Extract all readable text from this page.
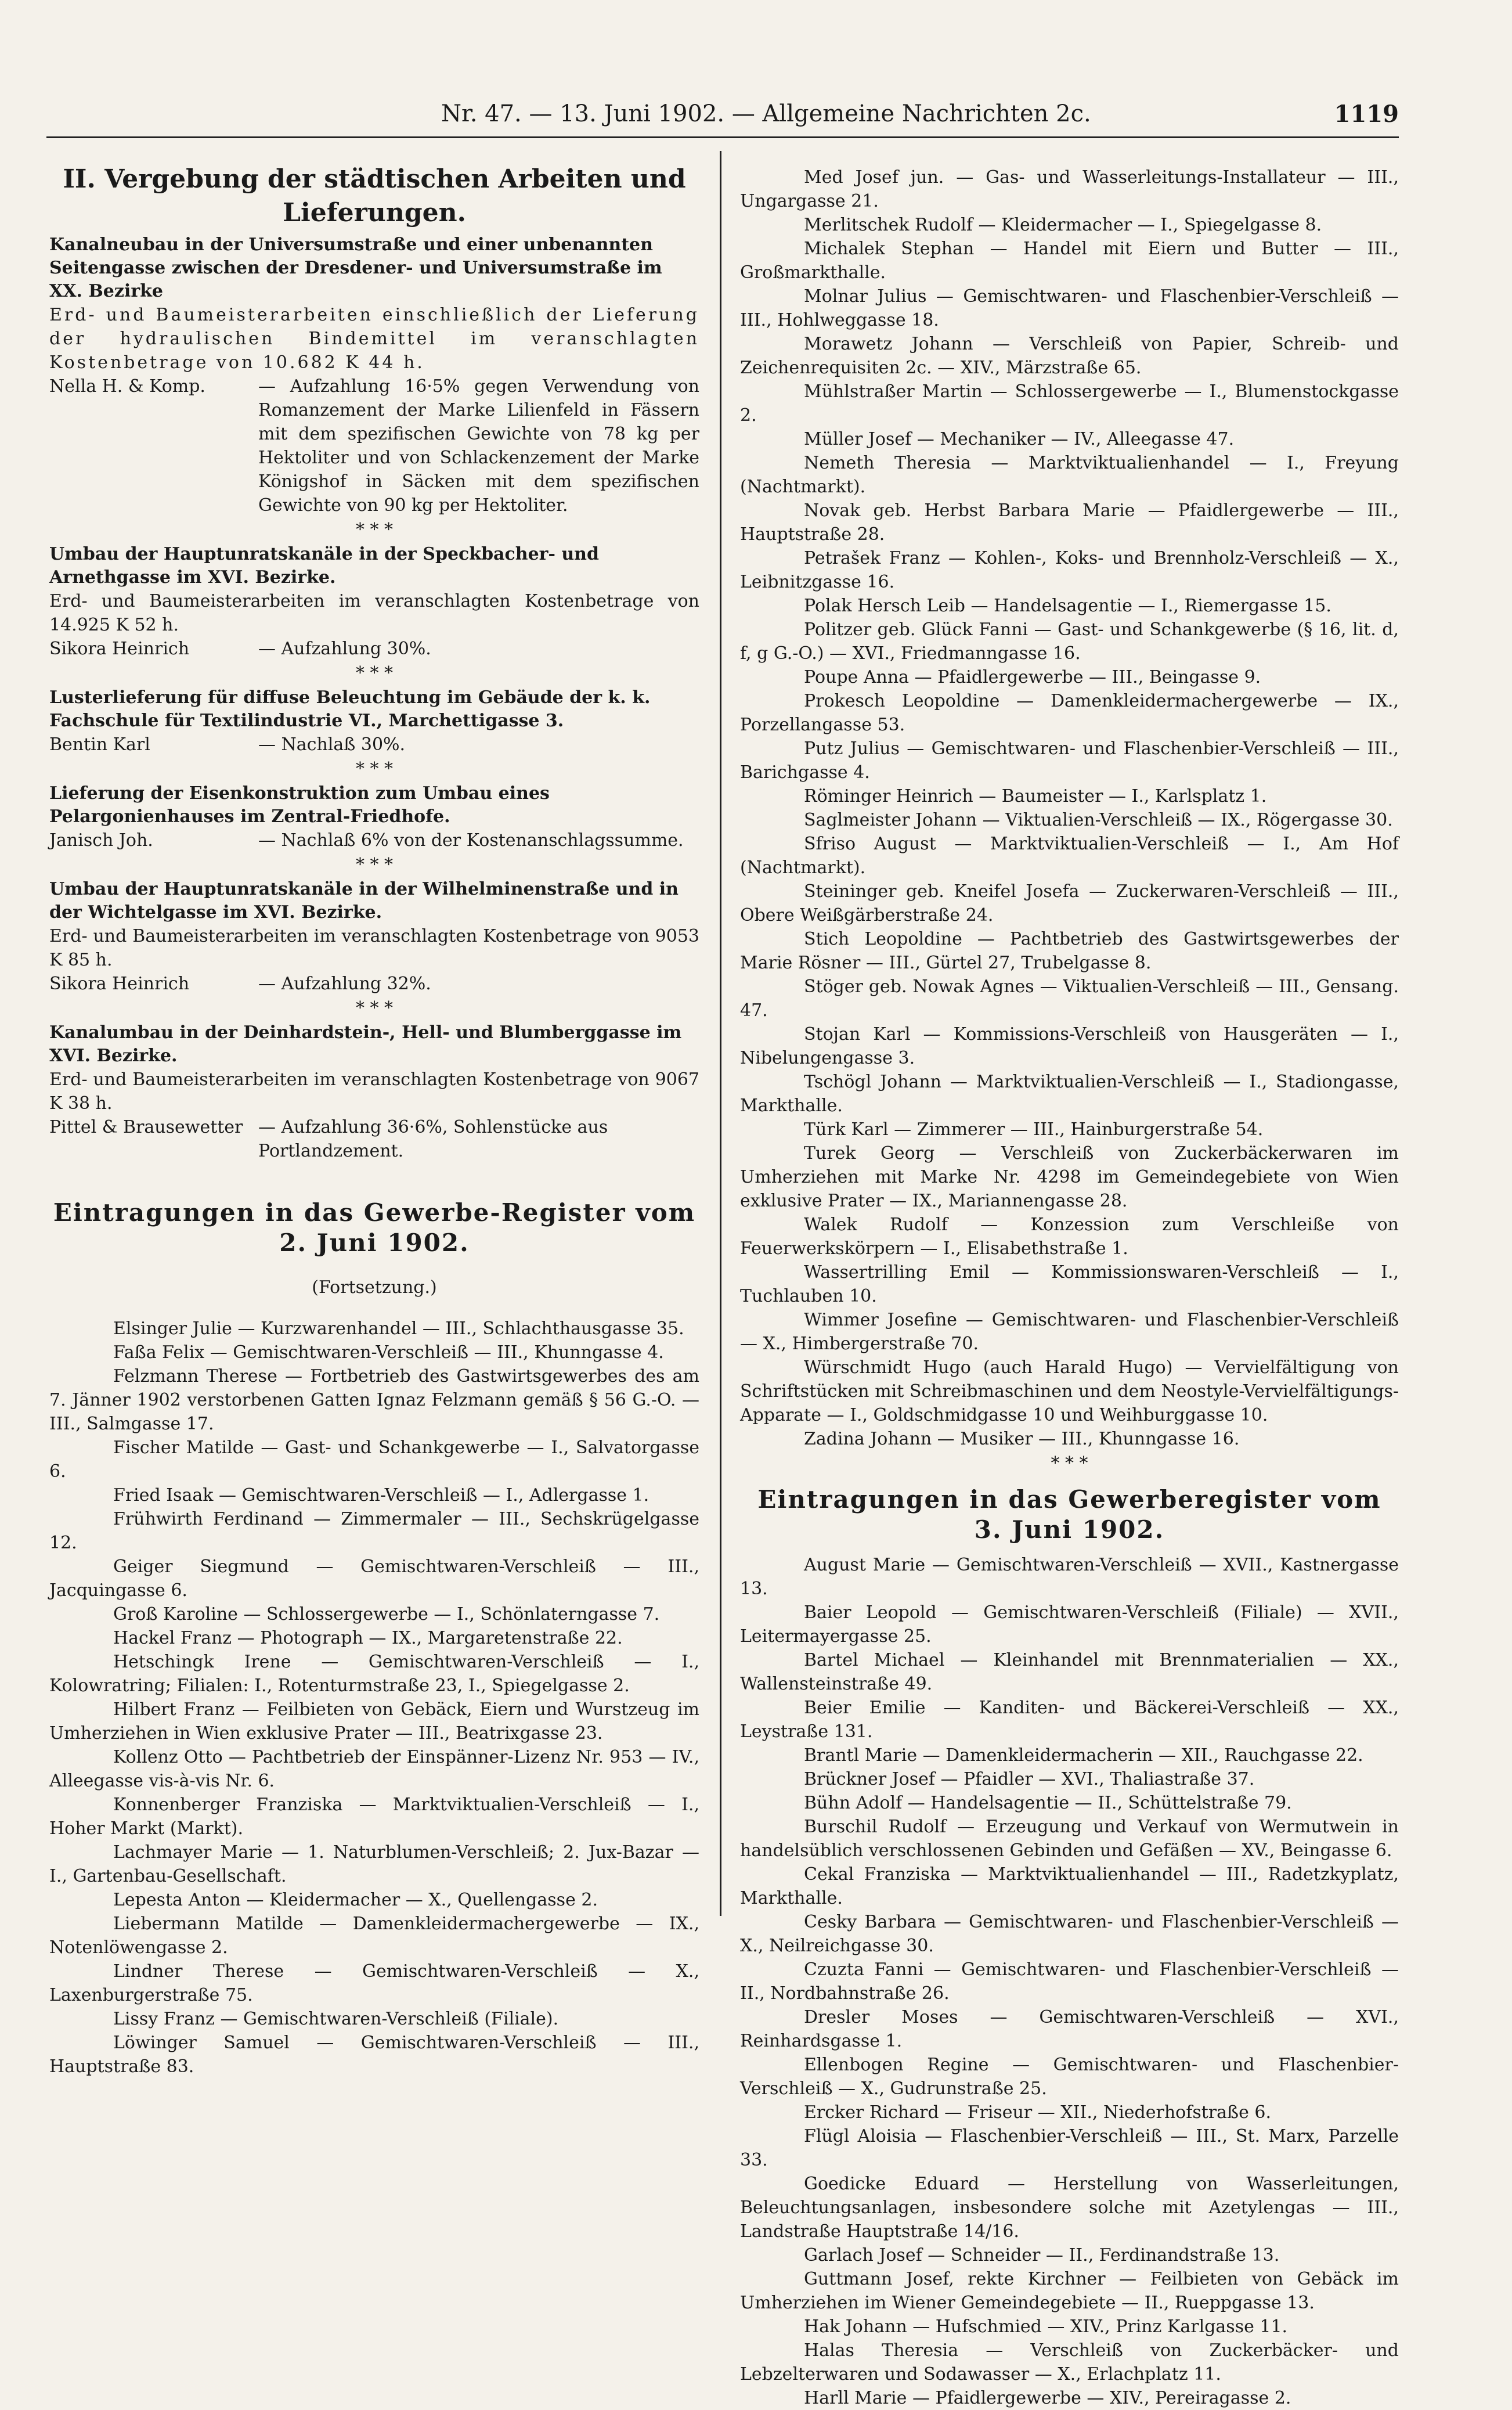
Nr. 47. — 13. Juni 1902. — Allgemeine Nachrichten 2c.	1119

II. Vergebung der städtischen Arbeiten und Lieferungen.

Kanalneubau in der Universumstraße und einer unbenannten Seitengasse zwischen der Dresdener- und Universumstraße im XX. Bezirke

Erd- und Baumeisterarbeiten einschließlich der Lieferung der hydraulischen Bindemittel im veranschlagten Kostenbetrage von 10.682 K 44 h.

Nella H. & Komp.	— Aufzahlung 16·5% gegen Verwendung von Romanzement der Marke Lilienfeld in Fässern mit dem spezifischen Gewichte von 78 kg per Hektoliter und von Schlackenzement der Marke Königshof in Säcken mit dem spezifischen Gewichte von 90 kg per Hektoliter.
* * *

Umbau der Hauptunratskanäle in der Speckbacher- und Arnethgasse im XVI. Bezirke.

Erd- und Baumeisterarbeiten im veranschlagten Kostenbetrage von 14.925 K 52 h.

Sikora Heinrich	— Aufzahlung 30%.
* * *

Lusterlieferung für diffuse Beleuchtung im Gebäude der k. k. Fachschule für Textilindustrie VI., Marchettigasse 3.

Bentin Karl	— Nachlaß 30%.
* * *

Lieferung der Eisenkonstruktion zum Umbau eines Pelargonienhauses im Zentral-Friedhofe.

Janisch Joh.	— Nachlaß 6% von der Kostenanschlagssumme.
* * *

Umbau der Hauptunratskanäle in der Wilhelminenstraße und in der Wichtelgasse im XVI. Bezirke.

Erd- und Baumeisterarbeiten im veranschlagten Kostenbetrage von 9053 K 85 h.

Sikora Heinrich	— Aufzahlung 32%.
* * *

Kanalumbau in der Deinhardstein-, Hell- und Blumberggasse im XVI. Bezirke.

Erd- und Baumeisterarbeiten im veranschlagten Kostenbetrage von 9067 K 38 h.

Pittel & Brausewetter — Aufzahlung 36·6%, Sohlenstücke aus Portlandzement.

Eintragungen in das Gewerbe-Register vom 2. Juni 1902.

(Fortsetzung.)

Elsinger Julie — Kurzwarenhandel — III., Schlachthausgasse 35.

Faßa Felix — Gemischtwaren-Verschleiß — III., Khunngasse 4.

Felzmann Therese — Fortbetrieb des Gastwirtsgewerbes des am 7. Jänner 1902 verstorbenen Gatten Ignaz Felzmann gemäß § 56 G.-O. — III., Salmgasse 17.

Fischer Matilde — Gast- und Schankgewerbe — I., Salvatorgasse 6.

Fried Isaak — Gemischtwaren-Verschleiß — I., Adlergasse 1.

Frühwirth Ferdinand — Zimmermaler — III., Sechskrügelgasse 12.

Geiger Siegmund — Gemischtwaren-Verschleiß — III., Jacquingasse 6.

Groß Karoline — Schlossergewerbe — I., Schönlaterngasse 7.

Hackel Franz — Photograph — IX., Margaretenstraße 22.

Hetschingk Irene — Gemischtwaren-Verschleiß — I., Kolowratring; Filialen: I., Rotenturmstraße 23, I., Spiegelgasse 2.

Hilbert Franz — Feilbieten von Gebäck, Eiern und Wurstzeug im Umherziehen in Wien exklusive Prater — III., Beatrixgasse 23.

Kollenz Otto — Pachtbetrieb der Einspänner-Lizenz Nr. 953 — IV., Alleegasse vis-à-vis Nr. 6.

Konnenberger Franziska — Marktviktualien-Verschleiß — I., Hoher Markt (Markt).

Lachmayer Marie — 1. Naturblumen-Verschleiß; 2. Jux-Bazar — I., Gartenbau-Gesellschaft.

Lepesta Anton — Kleidermacher — X., Quellengasse 2.

Liebermann Matilde — Damenkleidermachergewerbe — IX., Notenlöwengasse 2.

Lindner Therese — Gemischtwaren-Verschleiß — X., Laxenburgerstraße 75.

Lissy Franz — Gemischtwaren-Verschleiß (Filiale).

Löwinger Samuel — Gemischtwaren-Verschleiß — III., Hauptstraße 83.

Med Josef jun. — Gas- und Wasserleitungs-Installateur — III., Ungargasse 21.

Merlitschek Rudolf — Kleidermacher — I., Spiegelgasse 8.

Michalek Stephan — Handel mit Eiern und Butter — III., Großmarkthalle.

Molnar Julius — Gemischtwaren- und Flaschenbier-Verschleiß — III., Hohlweggasse 18.

Morawetz Johann — Verschleiß von Papier, Schreib- und Zeichenrequisiten 2c. — XIV., Märzstraße 65.

Mühlstraßer Martin — Schlossergewerbe — I., Blumenstockgasse 2.

Müller Josef — Mechaniker — IV., Alleegasse 47.

Nemeth Theresia — Marktviktualienhandel — I., Freyung (Nachtmarkt).

Novak geb. Herbst Barbara Marie — Pfaidlergewerbe — III., Hauptstraße 28.

Petrašek Franz — Kohlen-, Koks- und Brennholz-Verschleiß — X., Leibnitzgasse 16.

Polak Hersch Leib — Handelsagentie — I., Riemergasse 15.

Politzer geb. Glück Fanni — Gast- und Schankgewerbe (§ 16, lit. d, f, g G.-O.) — XVI., Friedmanngasse 16.

Poupe Anna — Pfaidlergewerbe — III., Beingasse 9.

Prokesch Leopoldine — Damenkleidermachergewerbe — IX., Porzellangasse 53.

Putz Julius — Gemischtwaren- und Flaschenbier-Verschleiß — III., Barichgasse 4.

Röminger Heinrich — Baumeister — I., Karlsplatz 1.

Saglmeister Johann — Viktualien-Verschleiß — IX., Rögergasse 30.

Sfriso August — Marktviktualien-Verschleiß — I., Am Hof (Nachtmarkt).

Steininger geb. Kneifel Josefa — Zuckerwaren-Verschleiß — III., Obere Weißgärberstraße 24.

Stich Leopoldine — Pachtbetrieb des Gastwirtsgewerbes der Marie Rösner — III., Gürtel 27, Trubelgasse 8.

Stöger geb. Nowak Agnes — Viktualien-Verschleiß — III., Gensang. 47.

Stojan Karl — Kommissions-Verschleiß von Hausgeräten — I., Nibelungengasse 3.

Tschögl Johann — Marktviktualien-Verschleiß — I., Stadiongasse, Markthalle.

Türk Karl — Zimmerer — III., Hainburgerstraße 54.

Turek Georg — Verschleiß von Zuckerbäckerwaren im Umherziehen mit Marke Nr. 4298 im Gemeindegebiete von Wien exklusive Prater — IX., Mariannengasse 28.

Walek Rudolf — Konzession zum Verschleiße von Feuerwerkskörpern — I., Elisabethstraße 1.

Wassertrilling Emil — Kommissionswaren-Verschleiß — I., Tuchlauben 10.

Wimmer Josefine — Gemischtwaren- und Flaschenbier-Verschleiß — X., Himbergerstraße 70.

Würschmidt Hugo (auch Harald Hugo) — Vervielfältigung von Schriftstücken mit Schreibmaschinen und dem Neostyle-Vervielfältigungs-Apparate — I., Goldschmidgasse 10 und Weihburggasse 10.

Zadina Johann — Musiker — III., Khunngasse 16.

* * *

Eintragungen in das Gewerberegister vom 3. Juni 1902.

August Marie — Gemischtwaren-Verschleiß — XVII., Kastnergasse 13.

Baier Leopold — Gemischtwaren-Verschleiß (Filiale) — XVII., Leitermayergasse 25.

Bartel Michael — Kleinhandel mit Brennmaterialien — XX., Wallensteinstraße 49.

Beier Emilie — Kanditen- und Bäckerei-Verschleiß — XX., Leystraße 131.

Brantl Marie — Damenkleidermacherin — XII., Rauchgasse 22.

Brückner Josef — Pfaidler — XVI., Thaliastraße 37.

Bühn Adolf — Handelsagentie — II., Schüttelstraße 79.

Burschil Rudolf — Erzeugung und Verkauf von Wermutwein in handelsüblich verschlossenen Gebinden und Gefäßen — XV., Beingasse 6.

Cekal Franziska — Marktviktualienhandel — III., Radetzkyplatz, Markthalle.

Cesky Barbara — Gemischtwaren- und Flaschenbier-Verschleiß — X., Neilreichgasse 30.

Czuzta Fanni — Gemischtwaren- und Flaschenbier-Verschleiß — II., Nordbahnstraße 26.

Dresler Moses — Gemischtwaren-Verschleiß — XVI., Reinhardsgasse 1.

Ellenbogen Regine — Gemischtwaren- und Flaschenbier-Verschleiß — X., Gudrunstraße 25.

Ercker Richard — Friseur — XII., Niederhofstraße 6.

Flügl Aloisia — Flaschenbier-Verschleiß — III., St. Marx, Parzelle 33.

Goedicke Eduard — Herstellung von Wasserleitungen, Beleuchtungsanlagen, insbesondere solche mit Azetylengas — III., Landstraße Hauptstraße 14/16.

Garlach Josef — Schneider — II., Ferdinandstraße 13.

Guttmann Josef, rekte Kirchner — Feilbieten von Gebäck im Umherziehen im Wiener Gemeindegebiete — II., Rueppgasse 13.

Hak Johann — Hufschmied — XIV., Prinz Karlgasse 11.

Halas Theresia — Verschleiß von Zuckerbäcker- und Lebzelterwaren und Sodawasser — X., Erlachplatz 11.

Harll Marie — Pfaidlergewerbe — XIV., Pereiragasse 2.
